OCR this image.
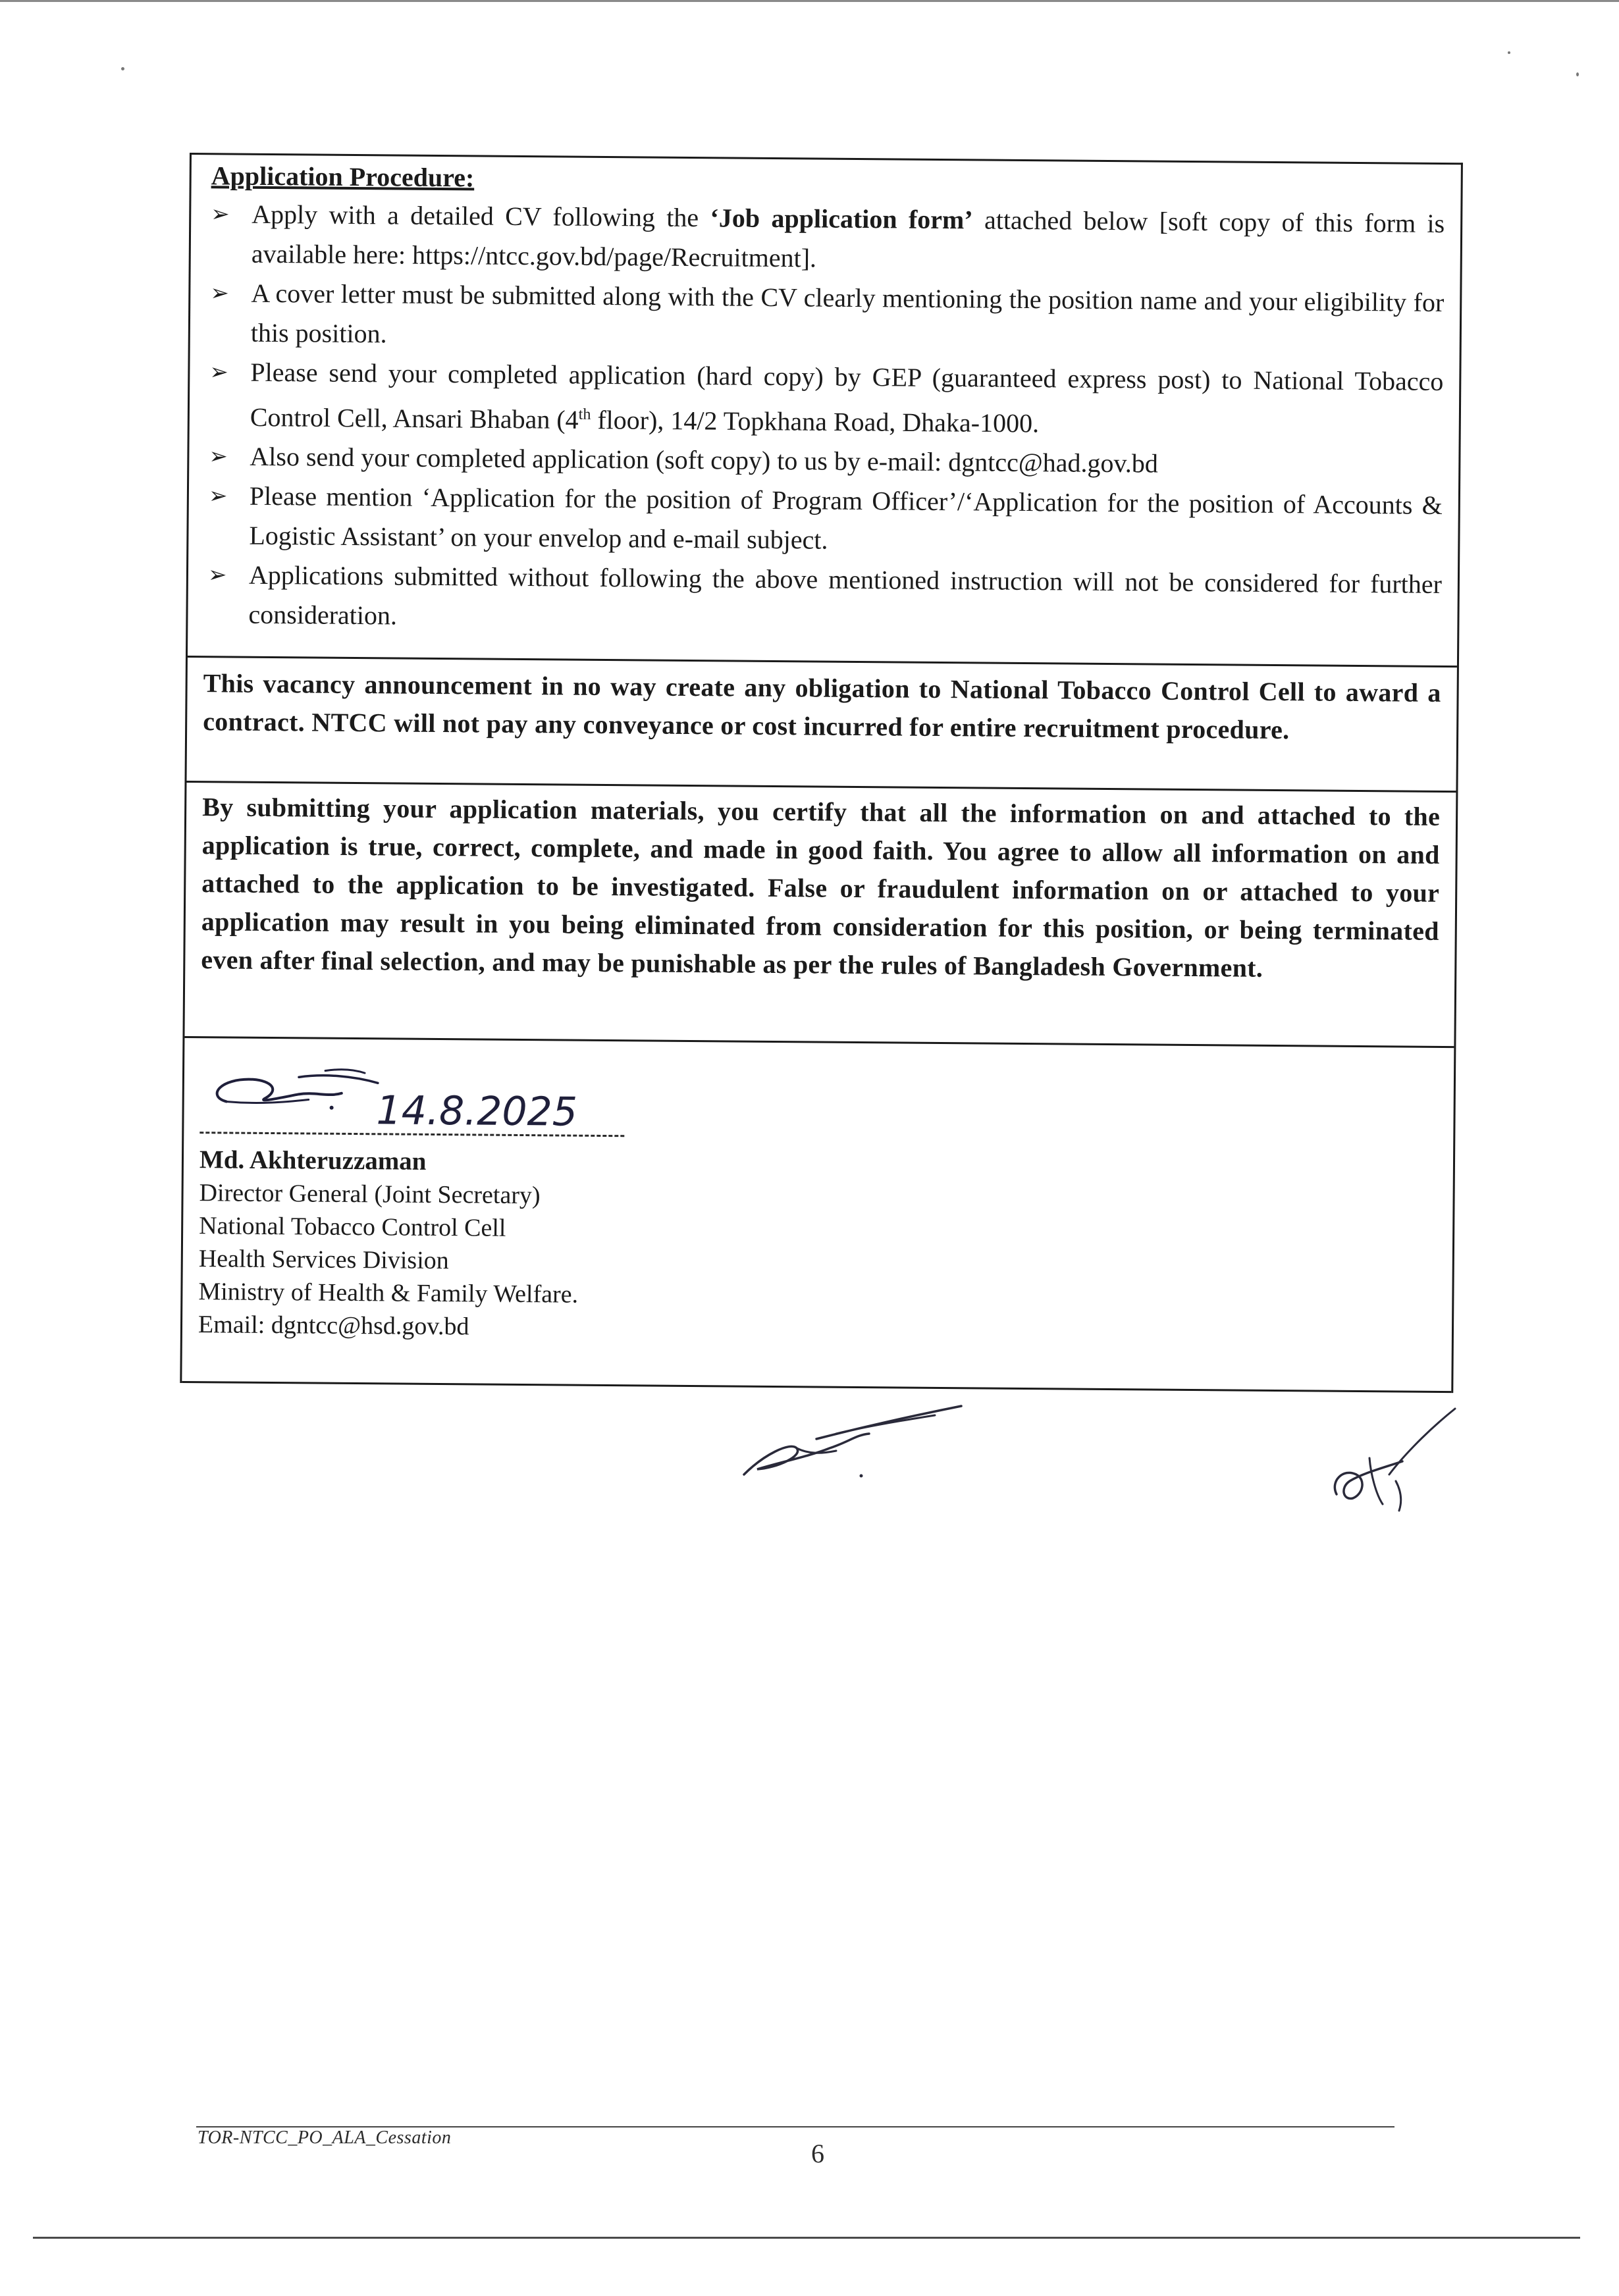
Application Procedure:
➢ Apply with a detailed CV following the ‘Job application form’ attached below [soft copy of this form is available here: https://ntcc.gov.bd/page/Recruitment].
➢ A cover letter must be submitted along with the CV clearly mentioning the position name and your eligibility for this position.
➢ Please send your completed application (hard copy) by GEP (guaranteed express post) to National Tobacco Control Cell, Ansari Bhaban (4th floor), 14/2 Topkhana Road, Dhaka-1000.
➢ Also send your completed application (soft copy) to us by e-mail: dgntcc@had.gov.bd
➢ Please mention ‘Application for the position of Program Officer’/‘Application for the position of Accounts & Logistic Assistant’ on your envelop and e-mail subject.
➢ Applications submitted without following the above mentioned instruction will not be considered for further consideration.

This vacancy announcement in no way create any obligation to National Tobacco Control Cell to award a contract. NTCC will not pay any conveyance or cost incurred for entire recruitment procedure.

By submitting your application materials, you certify that all the information on and attached to the application is true, correct, complete, and made in good faith. You agree to allow all information on and attached to the application to be investigated. False or fraudulent information on or attached to your application may result in you being eliminated from consideration for this position, or being terminated even after final selection, and may be punishable as per the rules of Bangladesh Government.

14.8.2025
Md. Akhteruzzaman
Director General (Joint Secretary)
National Tobacco Control Cell
Health Services Division
Ministry of Health & Family Welfare.
Email: dgntcc@hsd.gov.bd
TOR-NTCC_PO_ALA_Cessation
6
